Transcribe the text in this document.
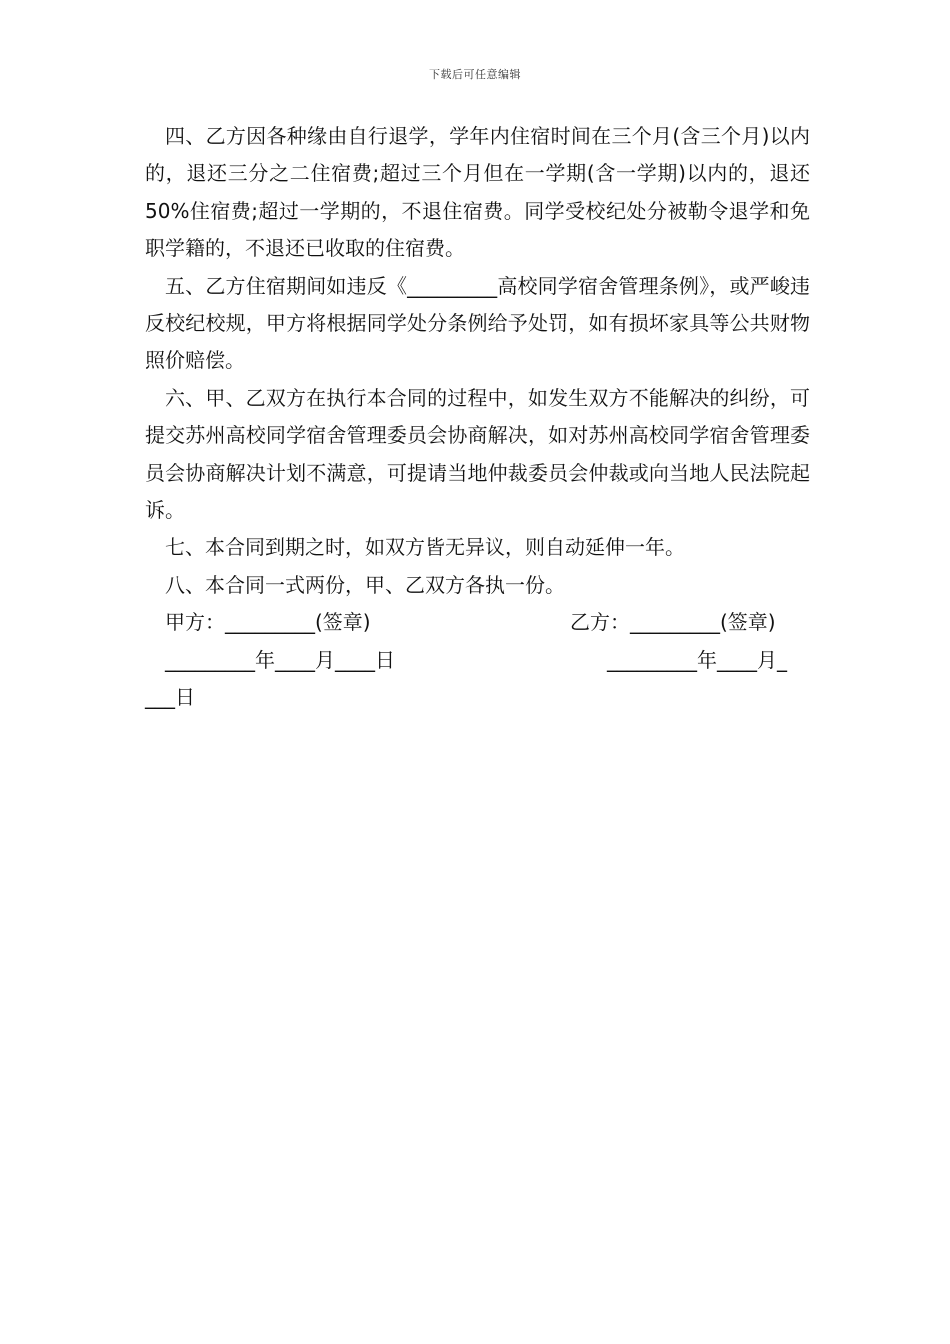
下载后可任意编辑

四、乙方因各种缘由自行退学，学年内住宿时间在三个月(含三个月)以内的，退还三分之二住宿费;超过三个月但在一学期(含一学期)以内的，退还50%住宿费;超过一学期的，不退住宿费。同学受校纪处分被勒令退学和免职学籍的，不退还已收取的住宿费。

五、乙方住宿期间如违反《_________高校同学宿舍管理条例》，或严峻违反校纪校规，甲方将根据同学处分条例给予处罚，如有损坏家具等公共财物照价赔偿。

六、甲、乙双方在执行本合同的过程中，如发生双方不能解决的纠纷，可提交苏州高校同学宿舍管理委员会协商解决，如对苏州高校同学宿舍管理委员会协商解决计划不满意，可提请当地仲裁委员会仲裁或向当地人民法院起诉。

七、本合同到期之时，如双方皆无异议，则自动延伸一年。

八、本合同一式两份，甲、乙双方各执一份。

甲方：_________(签章)	乙方：_________(签章)
_________年____月____日	_________年____月_
___日
